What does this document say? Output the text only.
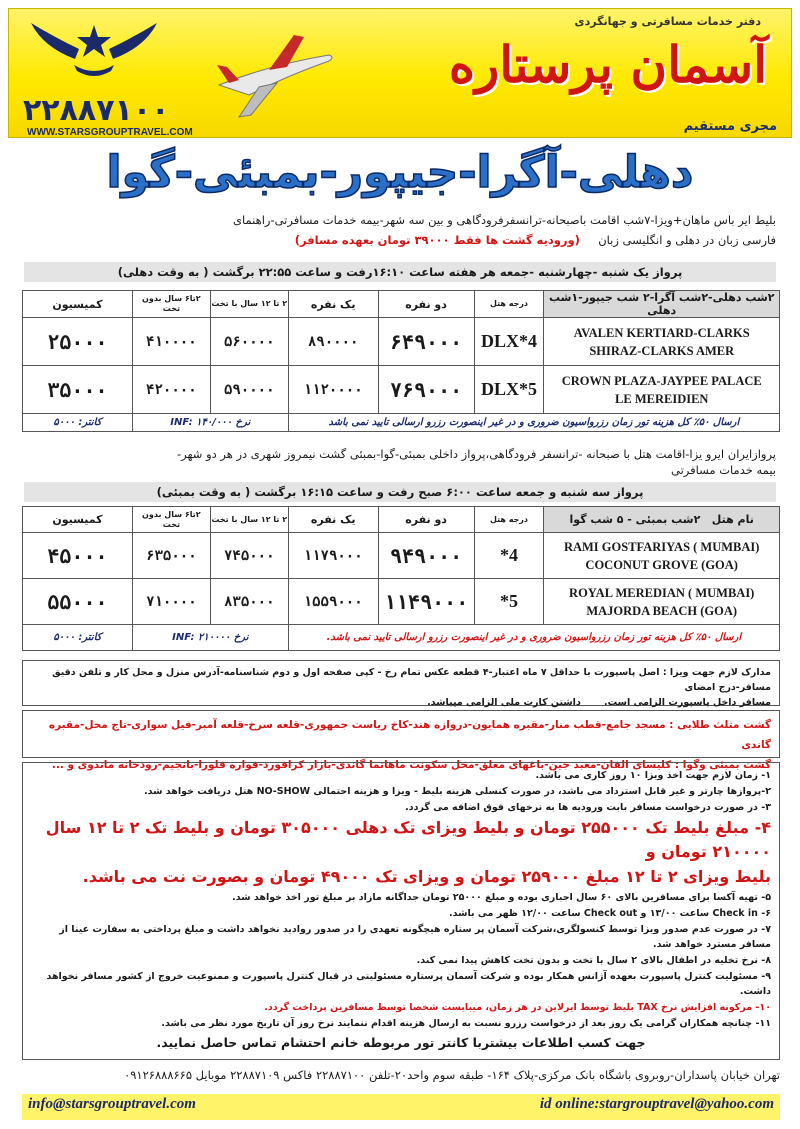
۲۲۸۸۷۱۰۰
WWW.STARSGROUPTRAVEL.COM
دفتر خدمات مسافرتی و جهانگردی
آسمان پرستاره
مجری مستقیم
دهلی-آگرا-جیپور-بمبئی-گوا
بلیط ایر باس ماهان+ویزا-۷شب اقامت باصبحانه-ترانسفرفرودگاهی و بین سه شهر-بیمه خدمات مسافرتی-راهنمای
فارسی زبان در دهلی و انگلیسی زبان     (ورودیه گشت ها فقط ۳۹۰۰۰ تومان بعهده مسافر)
پرواز یک شنبه -چهارشنبه -جمعه هر هفته ساعت ۱۶:۱۰رفت و ساعت ۲۲:۵۵ برگشت ( به وقت دهلی)
۲شب دهلی-۲شب آگرا-۲ شب جیپور-۱شب دهلی	درجه هتل	دو نفره	یک نفره	۲ تا ۱۲ سال با تخت	۲تا۶ سال بدون تخت	کمیسیون
AVALEN KERTIARD-CLARKS
SHIRAZ-CLARKS AMER	4*DLX	۶۴۹۰۰۰	۸۹۰۰۰۰	۵۶۰۰۰۰	۴۱۰۰۰۰	۲۵۰۰۰
CROWN PLAZA-JAYPEE PALACE
LE MEREIDIEN	5*DLX	۷۶۹۰۰۰	۱۱۲۰۰۰۰	۵۹۰۰۰۰	۴۲۰۰۰۰	۳۵۰۰۰
ارسال ۵۰٪ کل هزینه تور زمان رزرواسیون ضروری و در غیر اینصورت رزرو ارسالی تایید نمی باشد				نرخ INF: ۱۴۰/۰۰۰		کانتر: ۵۰۰۰
پروازایران ایرو یزا-اقامت هتل با صبحانه -ترانسفر فرودگاهی،پرواز داخلی بمبئی-گوا-بمبئی گشت نیمروز شهری در هر دو شهر-
بیمه خدمات مسافرتی
پرواز سه شنبه و جمعه ساعت ۶:۰۰ صبح رفت و ساعت ۱۶:۱۵ برگشت ( به وقت بمبئی)
نام هتل   ۲شب بمبئی - ۵ شب گوا	درجه هتل	دو نفره	یک نفره	۲ تا ۱۲ سال با تخت	۲تا۶ سال بدون تخت	کمیسیون
RAMI GOSTFARIYAS ( MUMBAI)
COCONUT GROVE (GOA)	4*	۹۴۹۰۰۰	۱۱۷۹۰۰۰	۷۴۵۰۰۰	۶۳۵۰۰۰	۴۵۰۰۰
ROYAL MEREDIAN ( MUMBAI)
MAJORDA BEACH (GOA)	5*	۱۱۴۹۰۰۰	۱۵۵۹۰۰۰	۸۳۵۰۰۰	۷۱۰۰۰۰	۵۵۰۰۰
ارسال ۵۰٪ کل هزینه تور زمان رزرواسیون ضروری و در غیر اینصورت رزرو ارسالی تایید نمی باشد.				نرخ INF: ۲۱۰۰۰۰		کانتر: ۵۰۰۰
مدارک لازم جهت ویزا : اصل پاسپورت با حداقل ۷ ماه اعتبار-۴ قطعه عکس تمام رخ - کپی صفحه اول و دوم شناسنامه-آدرس منزل و محل کار و تلفن دقیق مسافر-درج امضای
مسافر داخل پاسپورت الزامی است.       داشتن کارت ملی الزامی میباشد.
گشت مثلث طلایی : مسجد جامع-قطب منار-مقبره همایون-دروازه هند-کاخ ریاست جمهوری-قلعه سرخ-قلعه آمبر-فیل سواری-تاج محل-مقبره گاندی
گشت بمبئی وگوا : کلیسای الفان-معبد جین-باغهای معلق-محل سکونت ماهاتما گاندی-بازار کرافورد-فواره فلورا-بانجیم-رودخانه ماندوی و ...

۱- زمان لازم جهت اخذ ویزا ۱۰ روز کاری می باشد.

۲-پروازها چارتر و غیر قابل استرداد می باشد، در صورت کنسلی هزینه بلیط - ویزا و هزینه احتمالی NO-SHOW هتل دریافت خواهد شد.

۳- در صورت درخواست مسافر بابت ورودیه ها به نرخهای فوق اضافه می گردد.

۴- مبلغ بلیط تک ۲۵۵۰۰۰ تومان و بلیط ویزای تک دهلی ۳۰۵۰۰۰ تومان و بلیط تک ۲ تا ۱۲ سال ۲۱۰۰۰۰ تومان و

بلیط ویزای ۲ تا ۱۲ مبلغ ۲۵۹۰۰۰ تومان و ویزای تک ۴۹۰۰۰ تومان و بصورت نت می باشد.

۵- تهیه آکسا برای مسافرین بالای ۶۰ سال اجباری بوده و مبلغ ۲۵۰۰۰ تومان جداگانه مازاد بر مبلغ تور اخذ خواهد شد.

۶- Check in ساعت ۱۳/۰۰ و Check out ساعت ۱۲/۰۰ ظهر می باشد.

۷- در صورت عدم صدور ویزا توسط کنسولگری،شرکت آسمان پر ستاره هیچگونه تعهدی را در صدور روادید نخواهد داشت و مبلغ پرداختی به سفارت عینا از مسافر مسترد خواهد شد.

۸- نرخ تخلیه در اطفال بالای ۲ سال با تخت و بدون تخت کاهش پیدا نمی کند.

۹- مسئولیت کنترل پاسپورت بعهده آژانس همکار بوده و شرکت آسمان پرستاره مسئولیتی در قبال کنترل پاسپورت و ممنوعیت خروج از کشور مسافر نخواهد داشت.

۱۰- مرکونه افزایش نرخ TAX بلیط توسط ایرلاین در هر زمان، میبایست شخصا توسط مسافرین پرداخت گردد.

۱۱- چنانچه همکاران گرامی یک روز بعد از درخواست رزرو نسبت به ارسال هزینه اقدام ننمایند نرخ روز آن تاریخ مورد نظر می باشد.

جهت کسب اطلاعات بیشتربا کانتر تور مربوطه خانم احتشام تماس حاصل نمایید.

تهران خیابان پاسداران-روبروی باشگاه بانک مرکزی-پلاک ۱۶۴- طبقه سوم واحد۲۰-تلفن ۲۲۸۸۷۱۰۰ فاکس ۲۲۸۸۷۱۰۹ موبایل ۰۹۱۲۶۸۸۸۶۶۵
info@starsgrouptravel.com	id online:stargrouptravel@yahoo.com
